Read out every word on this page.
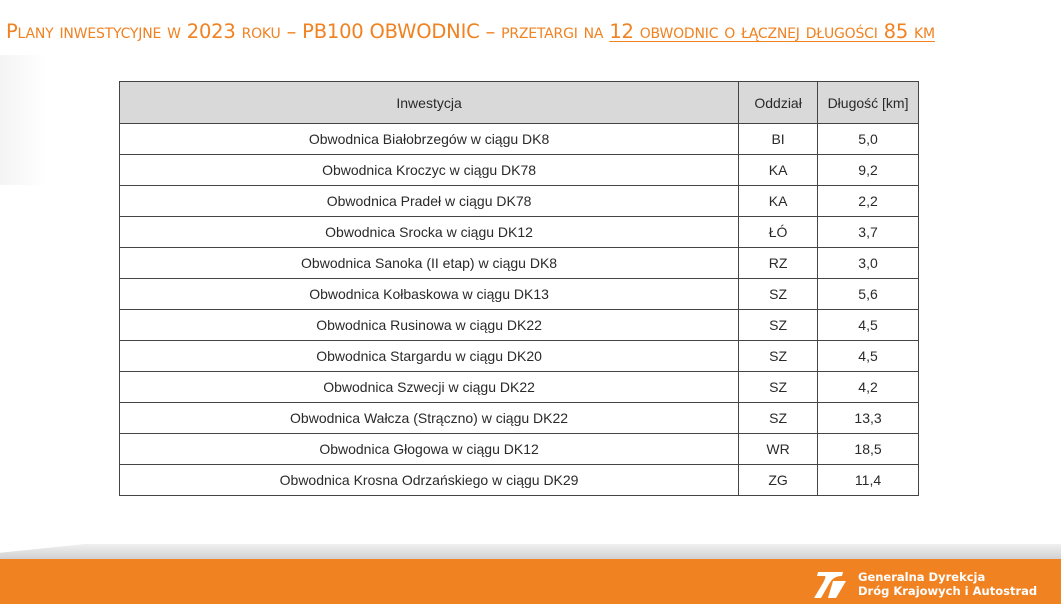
Plany inwestycyjne w 2023 roku – PB100 OBWODNIC – przetargi na 12 obwodnic o łącznej długości 85 km
Inwestycja	Oddział	Długość [km]
Obwodnica Białobrzegów w ciągu DK8	BI	5,0
Obwodnica Kroczyc w ciągu DK78	KA	9,2
Obwodnica Pradeł w ciągu DK78	KA	2,2
Obwodnica Srocka w ciągu DK12	ŁÓ	3,7
Obwodnica Sanoka (II etap) w ciągu DK8	RZ	3,0
Obwodnica Kołbaskowa w ciągu DK13	SZ	5,6
Obwodnica Rusinowa w ciągu DK22	SZ	4,5
Obwodnica Stargardu w ciągu DK20	SZ	4,5
Obwodnica Szwecji w ciągu DK22	SZ	4,2
Obwodnica Wałcza (Strączno) w ciągu DK22	SZ	13,3
Obwodnica Głogowa w ciągu DK12	WR	18,5
Obwodnica Krosna Odrzańskiego w ciągu DK29	ZG	11,4
Generalna Dyrekcja
Dróg Krajowych i Autostrad
